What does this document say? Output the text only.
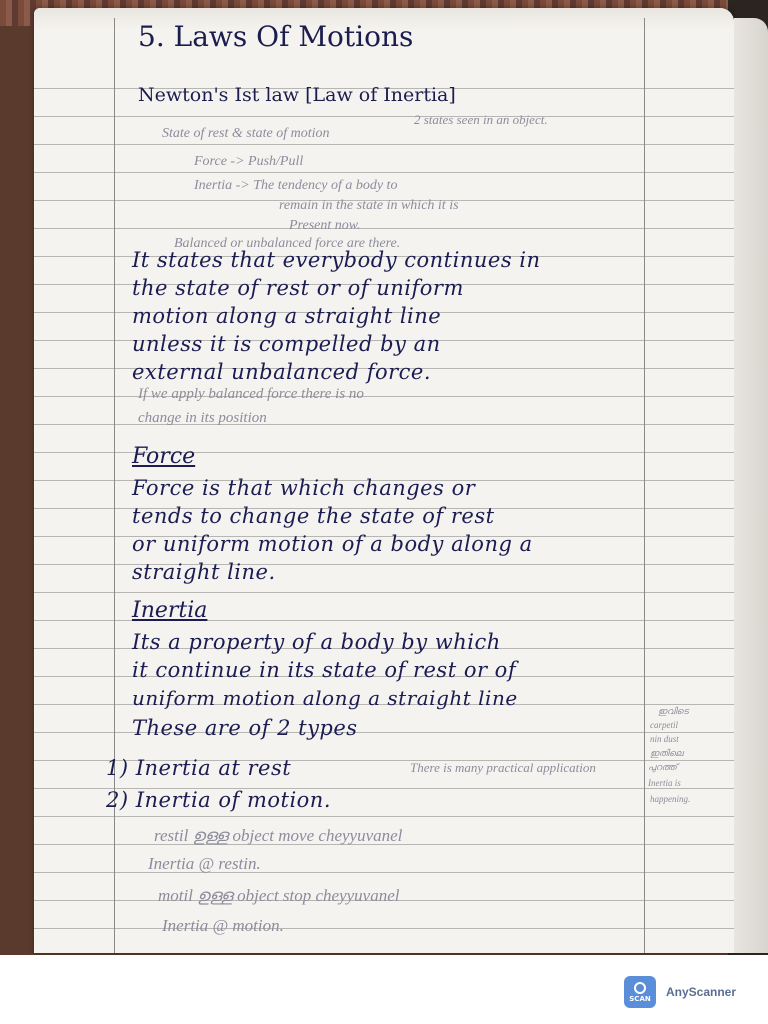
5. Laws Of Motions
Newton's Ist law [Law of Inertia]
State of rest & state of motion
2 states seen in an object.
Force -> Push/Pull
Inertia -> The tendency of a body to
remain in the state in which it is
Present now.
Balanced or unbalanced force are there.
It states that everybody continues in
the state of rest or of uniform
motion along a straight line
unless it is compelled by an
external unbalanced force.
If we apply balanced force there is no
change in its position
Force
Force is that which changes or
tends to change the state of rest
or uniform motion of a body along a
straight line.
Inertia
Its a property of a body by which
it continue in its state of rest or of
uniform motion along a straight line
These are of 2 types
1) Inertia at rest
2) Inertia of motion.
There is many practical application
restil ഉള്ള object move cheyyuvanel
Inertia @ restin.
motil ഉള്ള object stop cheyyuvanel
Inertia @ motion.
ഇവിടെ
carpetil
nin dust
ഇതിലെ
പുറത്ത്
Inertia is
happening.
SCAN AnyScanner
